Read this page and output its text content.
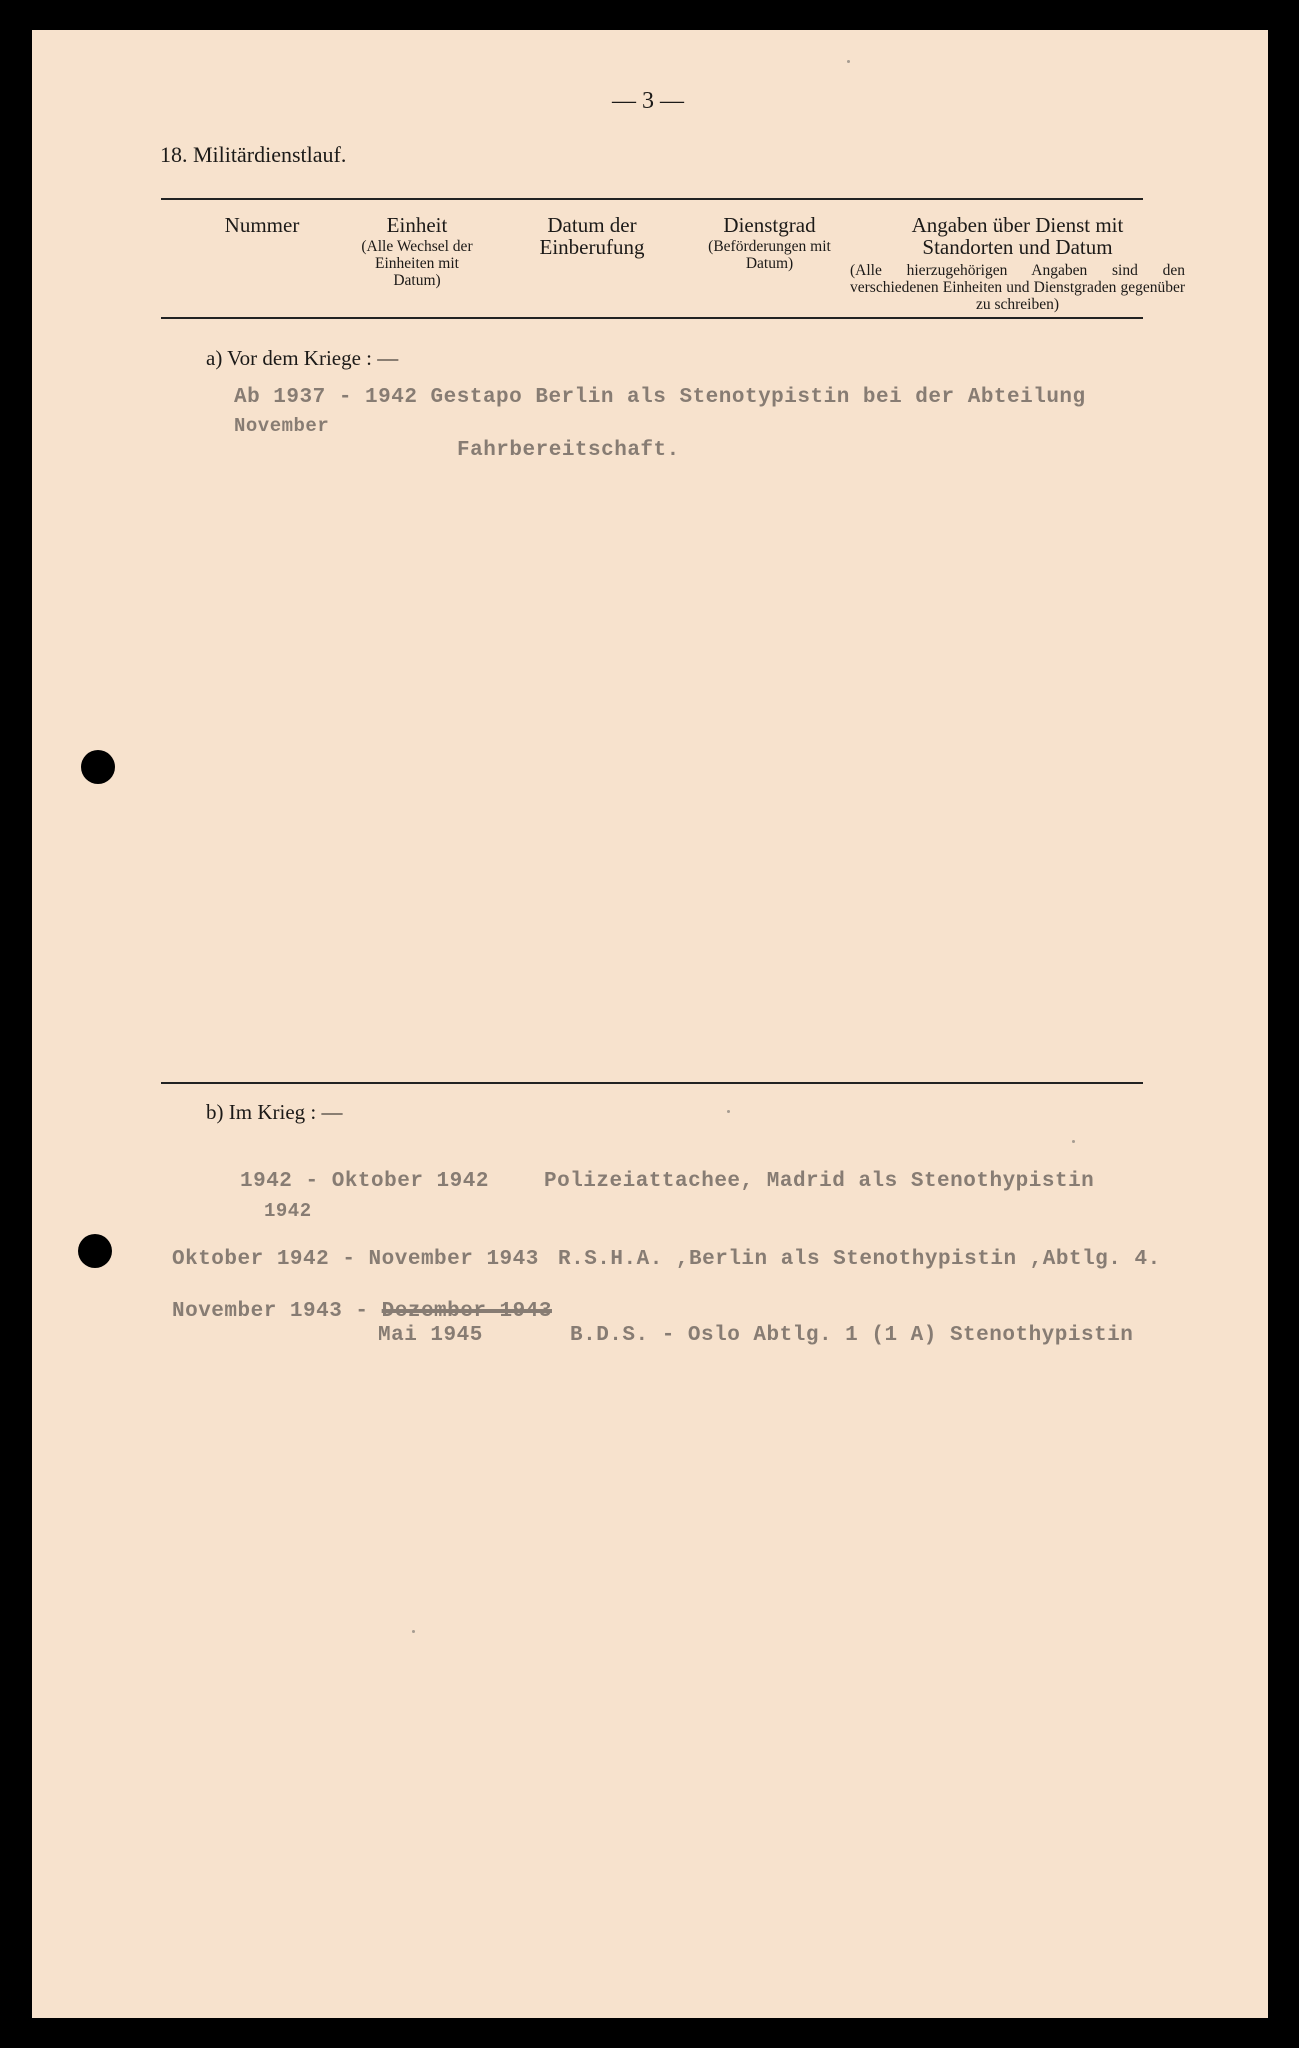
— 3 —
18. Militärdienstlauf.
Nummer	Einheit
(Alle Wechsel der Einheiten mit Datum)
Datum der Einberufung
Dienstgrad
(Beförderungen mit Datum)
Angaben über Dienst mit Standorten und Datum
(Alle hierzugehörigen Angaben sind den verschiedenen Einheiten und Dienstgraden gegenüber zu schreiben)
a) Vor dem Kriege : —
Ab 1937 - 1942 Gestapo Berlin als Stenotypistin bei der Abteilung
November
Fahrbereitschaft.
b) Im Krieg : —
1942 - Oktober 1942
1942
Polizeiattachee, Madrid als Stenothypistin
Oktober 1942 - November 1943 R.S.H.A. ,Berlin als Stenothypistin ,Abtlg. 4.
November 1943 - Dezember 1943
Mai 1945	B.D.S. - Oslo Abtlg. 1 (1 A) Stenothypistin
